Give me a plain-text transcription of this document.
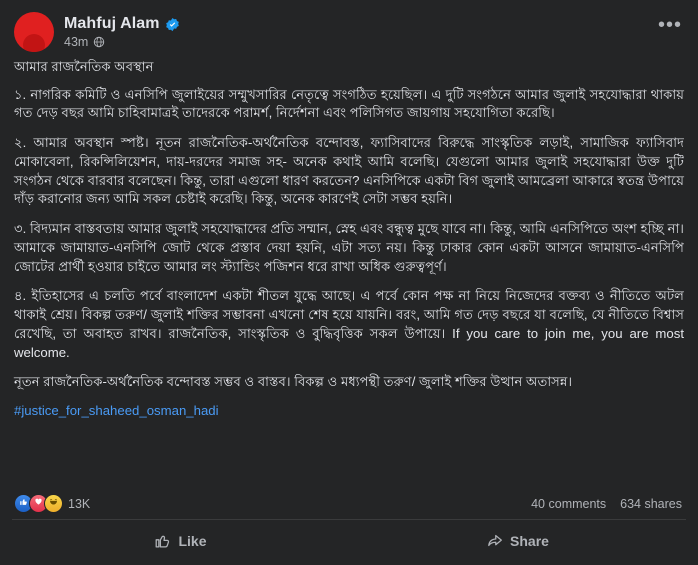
Mahfuj Alam
43m
•••

আমার রাজনৈতিক অবস্থান

১. নাগরিক কমিটি ও এনসিপি জুলাইয়ের সম্মুখসারির নেতৃত্বে সংগঠিত হয়েছিল। এ দুটি সংগঠনে আমার জুলাই সহযোদ্ধারা থাকায় গত দেড় বছর আমি চাহিবামাত্রই তাদেরকে পরামর্শ, নির্দেশনা এবং পলিসিগত জায়গায় সহযোগিতা করেছি।

২. আমার অবস্থান স্পষ্ট। নূতন রাজনৈতিক-অর্থনৈতিক বন্দোবস্ত, ফ্যাসিবাদের বিরুদ্ধে সাংস্কৃতিক লড়াই, সামাজিক ফ্যাসিবাদ মোকাবেলা, রিকন্সিলিয়েশন, দায়-দরদের সমাজ সহ- অনেক কথাই আমি বলেছি। যেগুলো আমার জুলাই সহযোদ্ধারা উক্ত দুটি সংগঠন থেকে বারবার বলেছেন। কিন্তু, তারা এগুলো ধারণ করতেন? এনসিপিকে একটা বিগ জুলাই আমব্রেলা আকারে স্বতন্ত্র উপায়ে দাঁড় করানোর জন্য আমি সকল চেষ্টাই করেছি। কিন্তু, অনেক কারণেই সেটা সম্ভব হয়নি।

৩. বিদ্যমান বাস্তবতায় আমার জুলাই সহযোদ্ধাদের প্রতি সম্মান, স্নেহ এবং বন্ধুত্ব মুছে যাবে না। কিন্তু, আমি এনসিপিতে অংশ হচ্ছি না। আমাকে জামায়াত-এনসিপি জোট থেকে প্রস্তাব দেয়া হয়নি, এটা সত্য নয়। কিন্তু ঢাকার কোন একটা আসনে জামায়াত-এনসিপি জোটের প্রার্থী হওয়ার চাইতে আমার লং স্ট্যান্ডিং পজিশন ধরে রাখা অধিক গুরুত্বপূর্ণ।

৪. ইতিহাসের এ চলতি পর্বে বাংলাদেশ একটা শীতল যুদ্ধে আছে। এ পর্বে কোন পক্ষ না নিয়ে নিজেদের বক্তব্য ও নীতিতে অটল থাকাই শ্রেয়। বিকল্প তরুণ/ জুলাই শক্তির সম্ভাবনা এখনো শেষ হয়ে যায়নি। বরং, আমি গত দেড় বছরে যা বলেছি, যে নীতিতে বিশ্বাস রেখেছি, তা অবাহত রাখব। রাজনৈতিক, সাংস্কৃতিক ও বুদ্ধিবৃত্তিক সকল উপায়ে। If you care to join me, you are most welcome.

নূতন রাজনৈতিক-অর্থনৈতিক বন্দোবস্ত সম্ভব ও বাস্তব। বিকল্প ও মধ্যপন্থী তরুণ/ জুলাই শক্তির উত্থান অতাসন্ন।

#justice_for_shaheed_osman_hadi

13K	40 comments 634 shares
Like	Share
